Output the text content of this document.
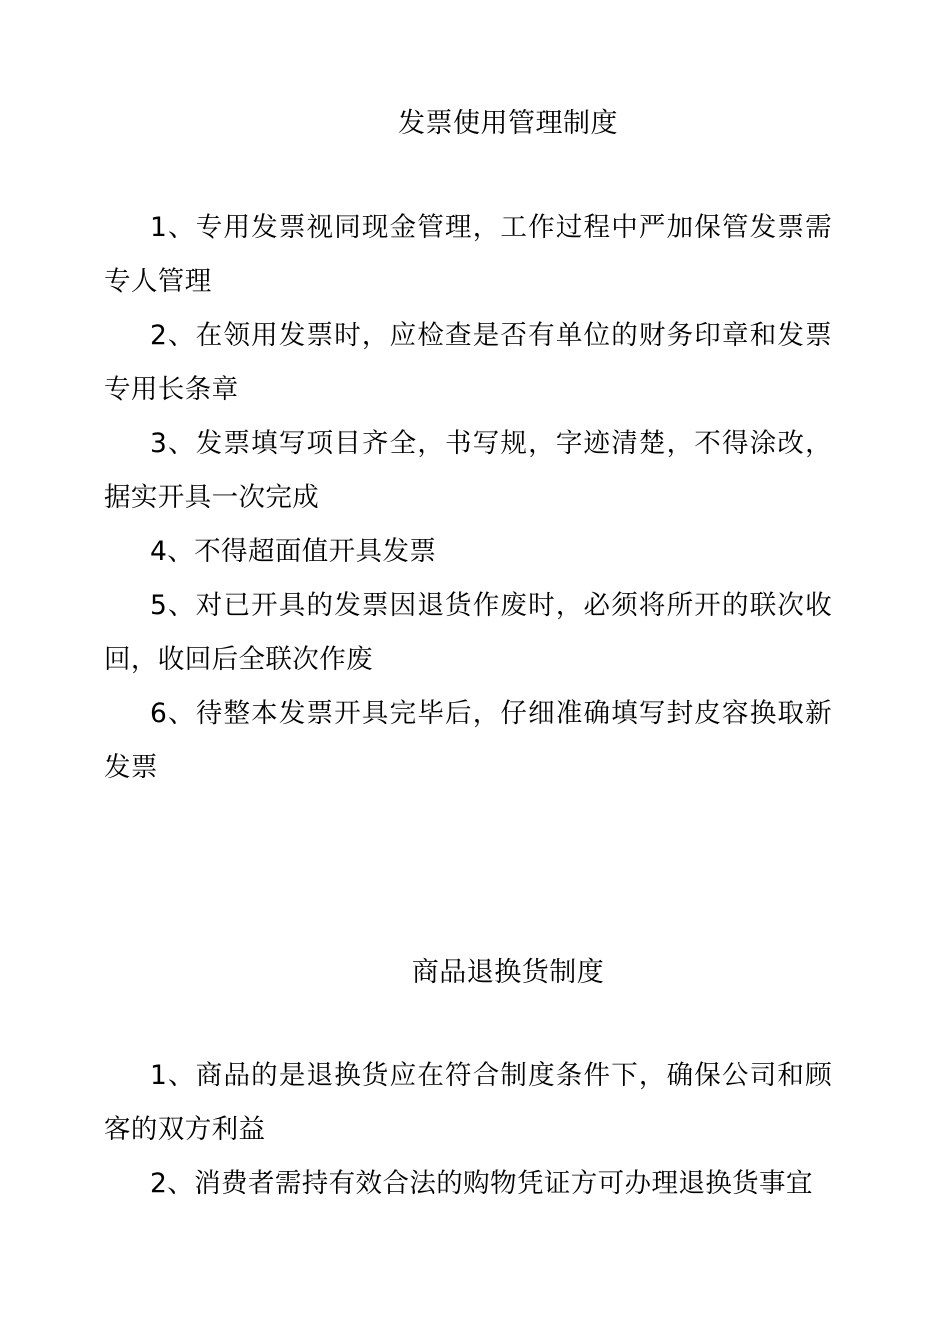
发票使用管理制度

1、专用发票视同现金管理，工作过程中严加保管发票需专人管理

2、在领用发票时，应检查是否有单位的财务印章和发票专用长条章

3、发票填写项目齐全，书写规，字迹清楚，不得涂改，据实开具一次完成

4、不得超面值开具发票

5、对已开具的发票因退货作废时，必须将所开的联次收回，收回后全联次作废

6、待整本发票开具完毕后，仔细准确填写封皮容换取新发票

商品退换货制度

1、商品的是退换货应在符合制度条件下，确保公司和顾客的双方利益

2、消费者需持有效合法的购物凭证方可办理退换货事宜
